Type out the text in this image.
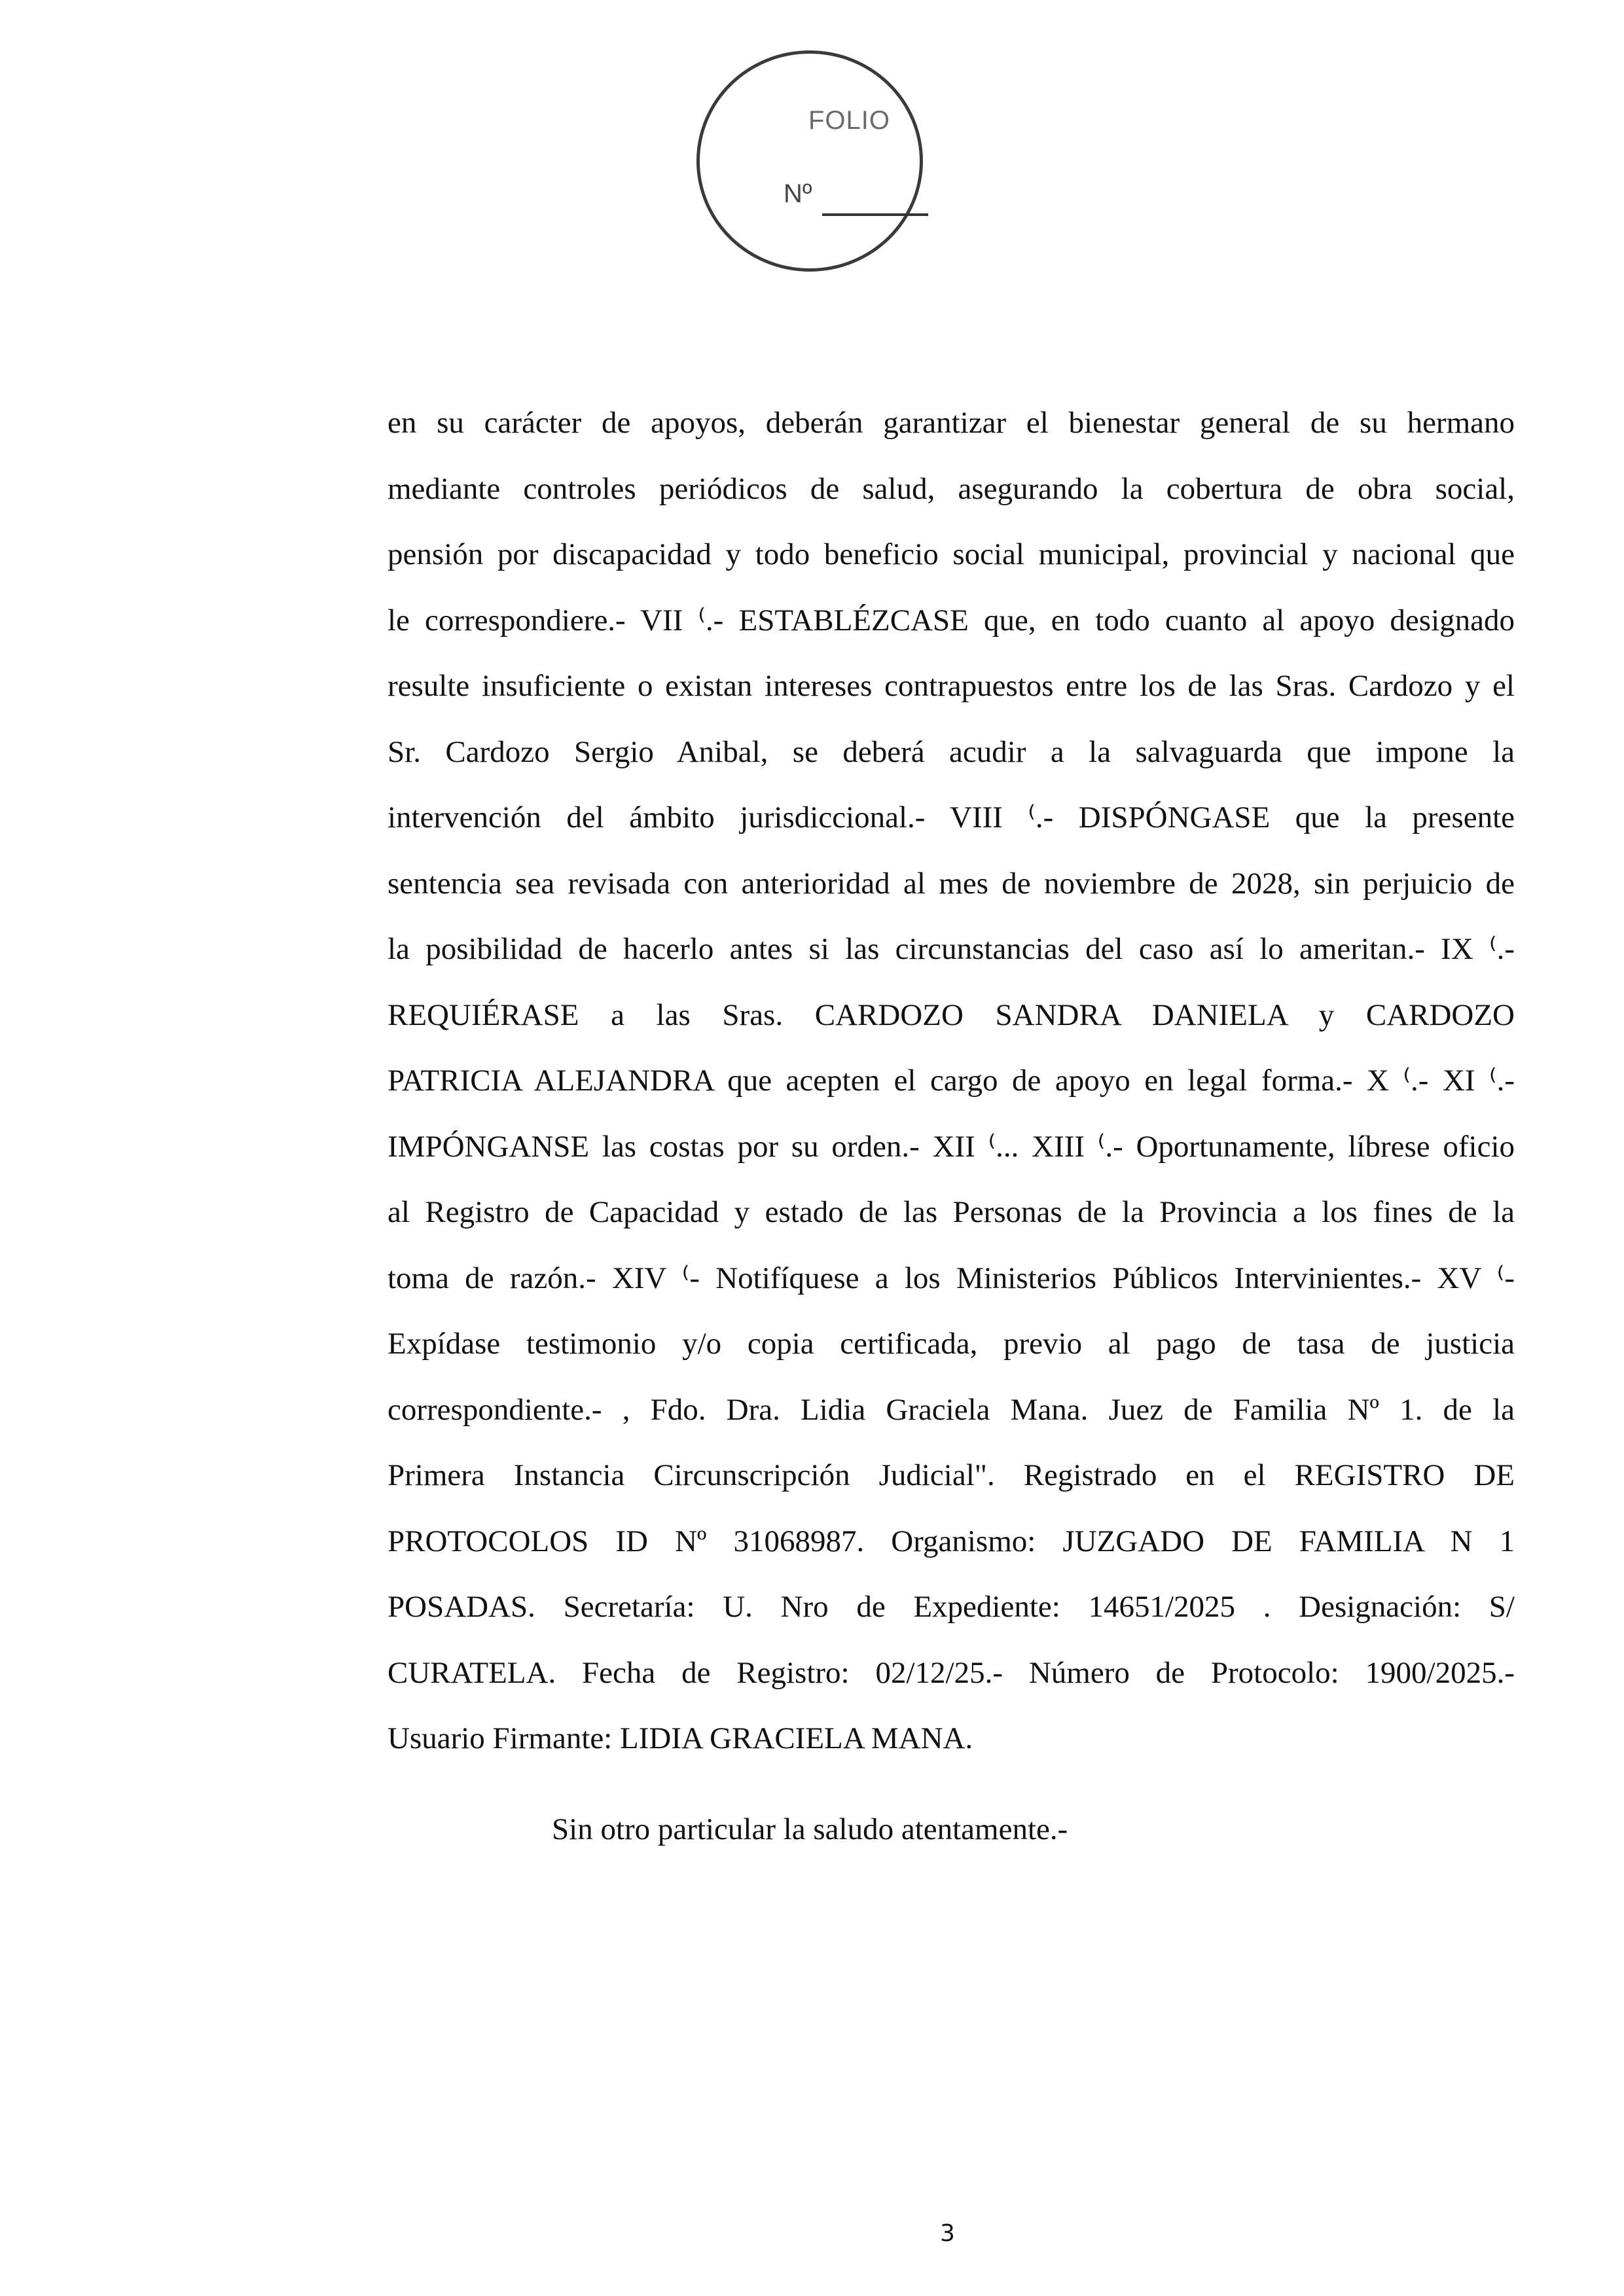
FOLIO
Nº
en su carácter de apoyos, deberán garantizar el bienestar general de su hermano
mediante controles periódicos de salud, asegurando la cobertura de obra social,
pensión por discapacidad y todo beneficio social municipal, provincial y nacional que
le correspondiere.- VII ⁽.- ESTABLÉZCASE que, en todo cuanto al apoyo designado
resulte insuficiente o existan intereses contrapuestos entre los de las Sras. Cardozo y el
Sr. Cardozo Sergio Anibal, se deberá acudir a la salvaguarda que impone la
intervención del ámbito jurisdiccional.- VIII ⁽.- DISPÓNGASE que la presente
sentencia sea revisada con anterioridad al mes de noviembre de 2028, sin perjuicio de
la posibilidad de hacerlo antes si las circunstancias del caso así lo ameritan.- IX ⁽.-
REQUIÉRASE a las Sras. CARDOZO SANDRA DANIELA y CARDOZO
PATRICIA ALEJANDRA que acepten el cargo de apoyo en legal forma.- X ⁽.- XI ⁽.-
IMPÓNGANSE las costas por su orden.- XII ⁽... XIII ⁽.- Oportunamente, líbrese oficio
al Registro de Capacidad y estado de las Personas de la Provincia a los fines de la
toma de razón.- XIV ⁽- Notifíquese a los Ministerios Públicos Intervinientes.- XV ⁽-
Expídase testimonio y/o copia certificada, previo al pago de tasa de justicia
correspondiente.- , Fdo. Dra. Lidia Graciela Mana. Juez de Familia Nº 1. de la
Primera Instancia Circunscripción Judicial". Registrado en el REGISTRO DE
PROTOCOLOS ID Nº 31068987. Organismo: JUZGADO DE FAMILIA N 1
POSADAS. Secretaría: U. Nro de Expediente: 14651/2025 . Designación: S/
CURATELA. Fecha de Registro: 02/12/25.- Número de Protocolo: 1900/2025.-
Usuario Firmante: LIDIA GRACIELA MANA.
Sin otro particular la saludo atentamente.-
3
